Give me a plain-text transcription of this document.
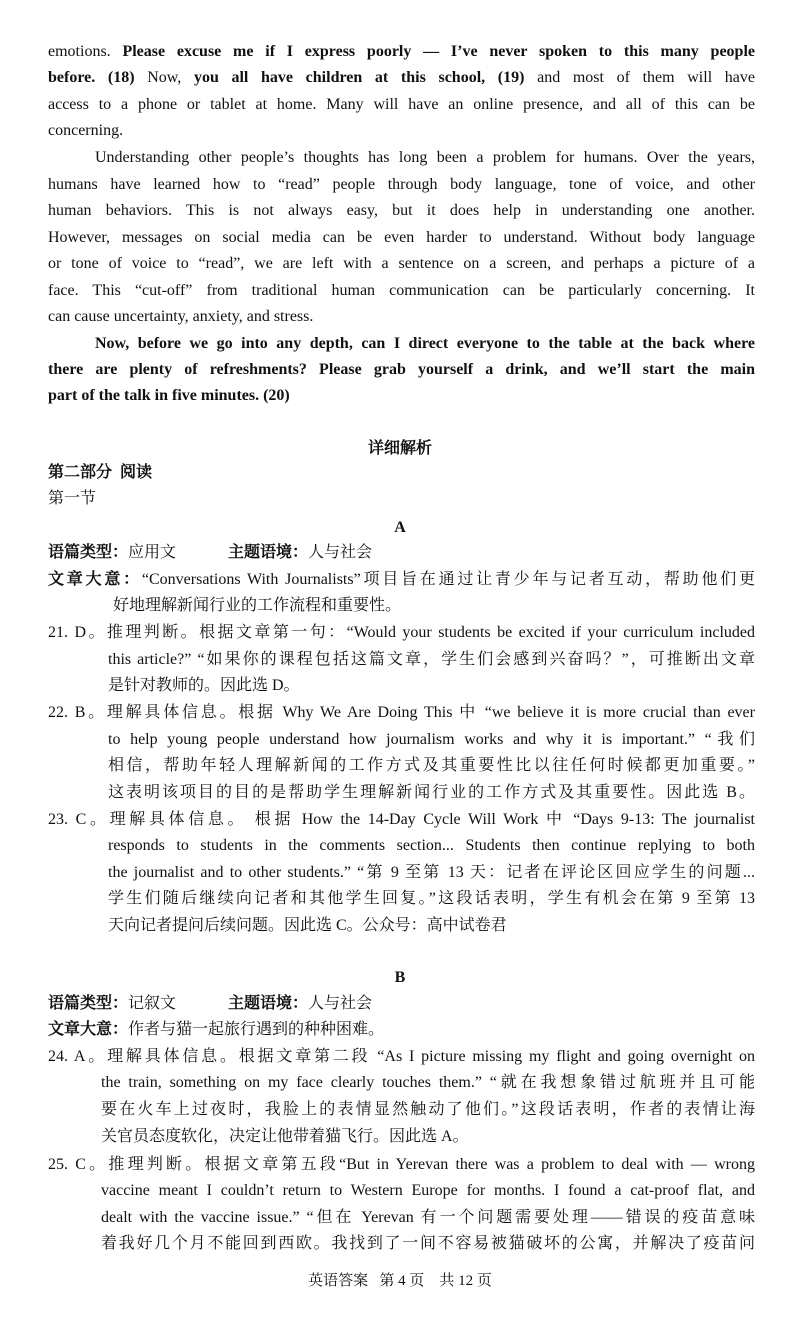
emotions. Please excuse me if I express poorly — I’ve never spoken to this many people
before. (18) Now, you all have children at this school, (19) and most of them will have
access to a phone or tablet at home. Many will have an online presence, and all of this can be
concerning.
Understanding other people’s thoughts has long been a problem for humans. Over the years,
humans have learned how to “read” people through body language, tone of voice, and other
human behaviors. This is not always easy, but it does help in understanding one another.
However, messages on social media can be even harder to understand. Without body language
or tone of voice to “read”, we are left with a sentence on a screen, and perhaps a picture of a
face. This “cut-off” from traditional human communication can be particularly concerning. It
can cause uncertainty, anxiety, and stress.
Now, before we go into any depth, can I direct everyone to the table at the back where
there are plenty of refreshments? Please grab yourself a drink, and we’ll start the main
part of the talk in five minutes. (20)
详细解析
第二部分  阅读
第一节
A
语篇类型：应用文	主题语境：人与社会
文章大意：“Conversations With Journalists”项目旨在通过让青少年与记者互动，帮助他们更
好地理解新闻行业的工作流程和重要性。
21. D。推理判断。根据文章第一句：“Would your students be excited if your curriculum included
this article?” “如果你的课程包括这篇文章，学生们会感到兴奋吗？”，可推断出文章
是针对教师的。因此选 D。
22. B。理解具体信息。根据 Why We Are Doing This 中 “we believe it is more crucial than ever
to help young people understand how journalism works and why it is important.” “我们
相信，帮助年轻人理解新闻的工作方式及其重要性比以往任何时候都更加重要。”
这表明该项目的目的是帮助学生理解新闻行业的工作方式及其重要性。因此选 B。
23. C。理解具体信息。 根据 How the 14-Day Cycle Will Work 中 “Days 9-13: The journalist
responds to students in the comments section... Students then continue replying to both
the journalist and to other students.” “第 9 至第 13 天：记者在评论区回应学生的问题...
学生们随后继续向记者和其他学生回复。”这段话表明，学生有机会在第 9 至第 13
天向记者提问后续问题。因此选 C。公众号：高中试卷君
B
语篇类型：记叙文	主题语境：人与社会
文章大意：作者与猫一起旅行遇到的种种困难。
24. A。理解具体信息。根据文章第二段 “As I picture missing my flight and going overnight on
the train, something on my face clearly touches them.” “就在我想象错过航班并且可能
要在火车上过夜时，我脸上的表情显然触动了他们。”这段话表明，作者的表情让海
关官员态度软化，决定让他带着猫飞行。因此选 A。
25. C。推理判断。根据文章第五段“But in Yerevan there was a problem to deal with — wrong
vaccine meant I couldn’t return to Western Europe for months. I found a cat-proof flat, and
dealt with the vaccine issue.” “但在 Yerevan 有一个问题需要处理——错误的疫苗意味
着我好几个月不能回到西欧。我找到了一间不容易被猫破坏的公寓，并解决了疫苗问
英语答案   第 4 页    共 12 页
